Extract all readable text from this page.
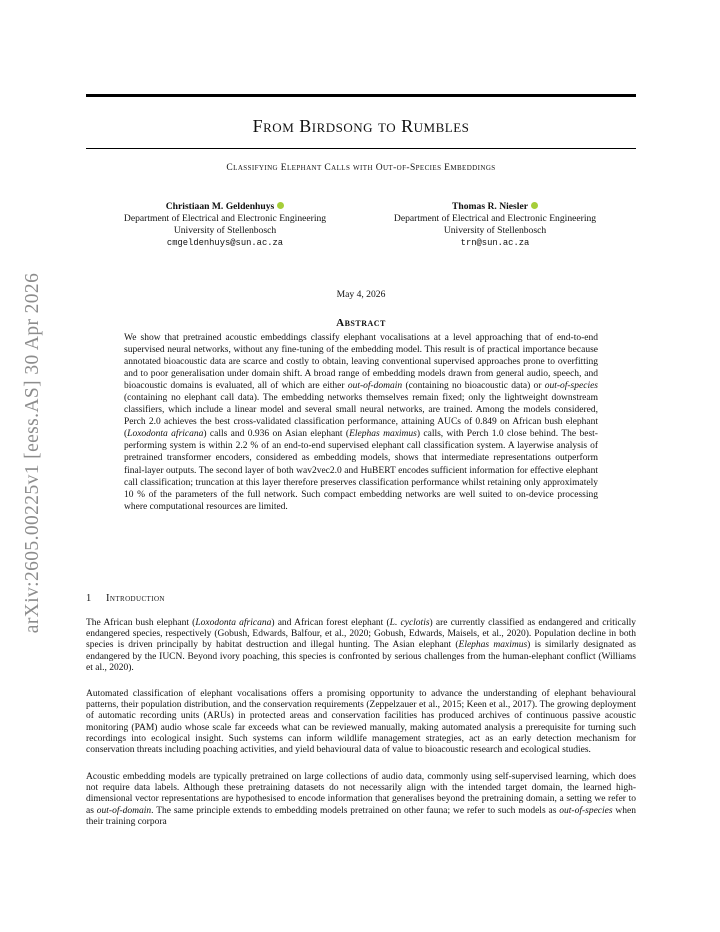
arXiv:2605.00225v1 [eess.AS] 30 Apr 2026
From Birdsong to Rumbles
Classifying Elephant Calls with Out-of-Species Embeddings
Christiaan M. Geldenhuys
Department of Electrical and Electronic Engineering
University of Stellenbosch
cmgeldenhuys@sun.ac.za
Thomas R. Niesler
Department of Electrical and Electronic Engineering
University of Stellenbosch
trn@sun.ac.za
May 4, 2026
Abstract

We show that pretrained acoustic embeddings classify elephant vocalisations at a level approaching that of end-to-end supervised neural networks, without any fine-tuning of the embedding model. This result is of practical importance because annotated bioacoustic data are scarce and costly to obtain, leaving conventional supervised approaches prone to overfitting and to poor generalisation under domain shift. A broad range of embedding models drawn from general audio, speech, and bioacoustic domains is evaluated, all of which are either out-of-domain (containing no bioacoustic data) or out-of-species (containing no elephant call data). The embedding networks themselves remain fixed; only the lightweight downstream classifiers, which include a linear model and several small neural networks, are trained. Among the models considered, Perch 2.0 achieves the best cross-validated classification performance, attaining AUCs of 0.849 on African bush elephant (Loxodonta africana) calls and 0.936 on Asian elephant (Elephas maximus) calls, with Perch 1.0 close behind. The best-performing system is within 2.2 % of an end-to-end supervised elephant call classification system. A layerwise analysis of pretrained transformer encoders, considered as embedding models, shows that intermediate representations outperform final-layer outputs. The second layer of both wav2vec2.0 and HuBERT encodes sufficient information for effective elephant call classification; truncation at this layer therefore preserves classification performance whilst retaining only approximately 10 % of the parameters of the full network. Such compact embedding networks are well suited to on-device processing where computational resources are limited.

1 Introduction

The African bush elephant (Loxodonta africana) and African forest elephant (L. cyclotis) are currently classified as endangered and critically endangered species, respectively (Gobush, Edwards, Balfour, et al., 2020; Gobush, Edwards, Maisels, et al., 2020). Population decline in both species is driven principally by habitat destruction and illegal hunting. The Asian elephant (Elephas maximus) is similarly designated as endangered by the IUCN. Beyond ivory poaching, this species is confronted by serious challenges from the human-elephant conflict (Williams et al., 2020).

Automated classification of elephant vocalisations offers a promising opportunity to advance the understanding of elephant behavioural patterns, their population distribution, and the conservation requirements (Zeppelzauer et al., 2015; Keen et al., 2017). The growing deployment of automatic recording units (ARUs) in protected areas and conservation facilities has produced archives of continuous passive acoustic monitoring (PAM) audio whose scale far exceeds what can be reviewed manually, making automated analysis a prerequisite for turning such recordings into ecological insight. Such systems can inform wildlife management strategies, act as an early detection mechanism for conservation threats including poaching activities, and yield behavioural data of value to bioacoustic research and ecological studies.

Acoustic embedding models are typically pretrained on large collections of audio data, commonly using self-supervised learning, which does not require data labels. Although these pretraining datasets do not necessarily align with the intended target domain, the learned high-dimensional vector representations are hypothesised to encode information that generalises beyond the pretraining domain, a setting we refer to as out-of-domain. The same principle extends to embedding models pretrained on other fauna; we refer to such models as out-of-species when their training corpora
